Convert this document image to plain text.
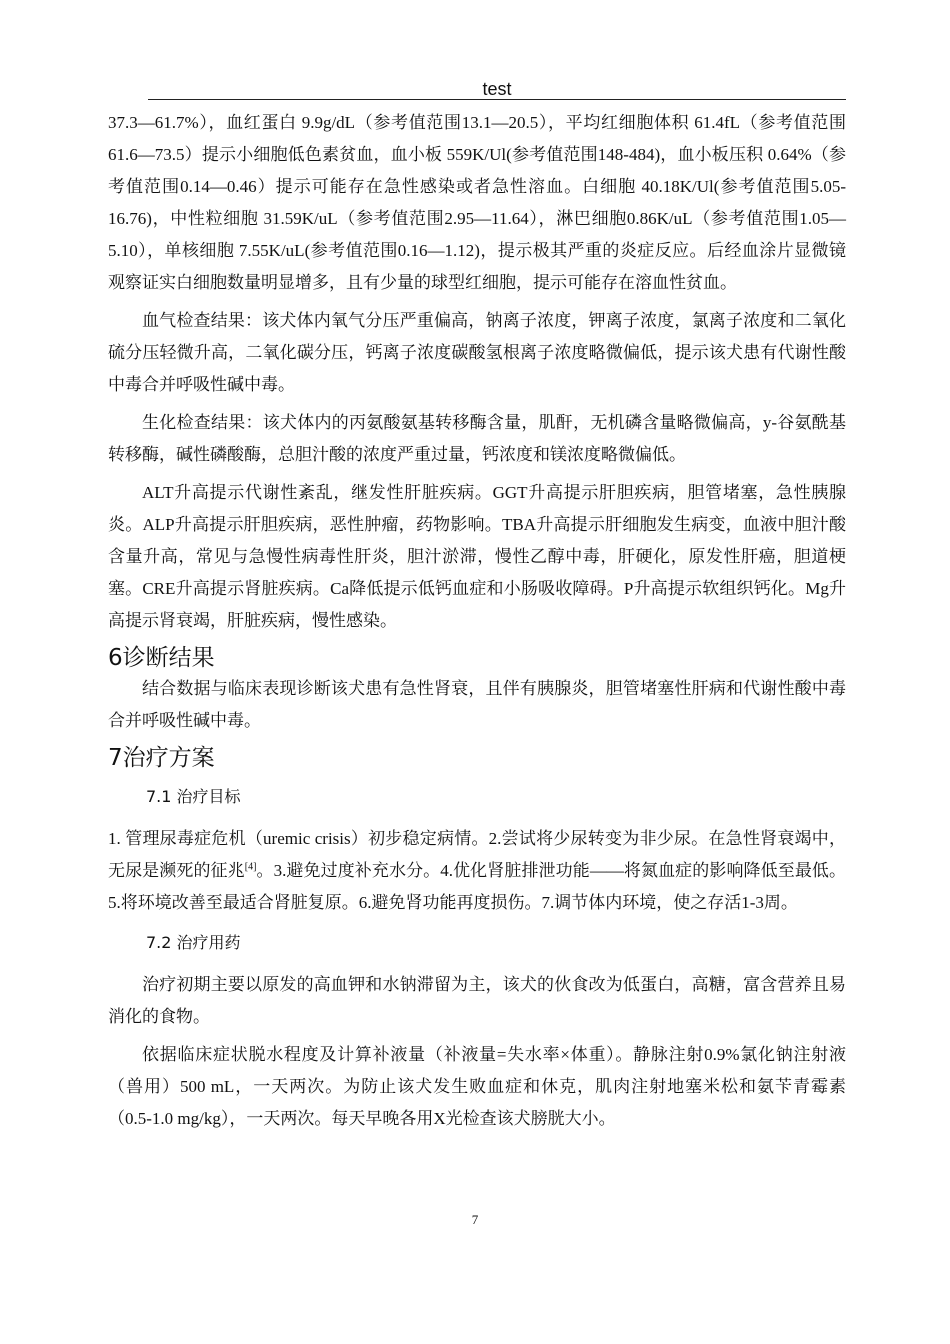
test

37.3—61.7%），血红蛋白 9.9g/dL（参考值范围13.1—20.5），平均红细胞体积 61.4fL（参考值范围61.6—73.5）提示小细胞低色素贫血，血小板 559K/Ul(参考值范围148-484)，血小板压积 0.64%（参考值范围0.14—0.46）提示可能存在急性感染或者急性溶血。白细胞 40.18K/Ul(参考值范围5.05-16.76)，中性粒细胞 31.59K/uL（参考值范围2.95—11.64），淋巴细胞0.86K/uL（参考值范围1.05—5.10），单核细胞 7.55K/uL(参考值范围0.16—1.12)，提示极其严重的炎症反应。后经血涂片显微镜观察证实白细胞数量明显增多，且有少量的球型红细胞，提示可能存在溶血性贫血。

血气检查结果：该犬体内氧气分压严重偏高，钠离子浓度，钾离子浓度，氯离子浓度和二氧化硫分压轻微升高，二氧化碳分压，钙离子浓度碳酸氢根离子浓度略微偏低，提示该犬患有代谢性酸中毒合并呼吸性碱中毒。

生化检查结果：该犬体内的丙氨酸氨基转移酶含量，肌酐，无机磷含量略微偏高，y-谷氨酰基转移酶，碱性磷酸酶，总胆汁酸的浓度严重过量，钙浓度和镁浓度略微偏低。

ALT升高提示代谢性紊乱，继发性肝脏疾病。GGT升高提示肝胆疾病，胆管堵塞，急性胰腺炎。ALP升高提示肝胆疾病，恶性肿瘤，药物影响。TBA升高提示肝细胞发生病变，血液中胆汁酸含量升高，常见与急慢性病毒性肝炎，胆汁淤滞，慢性乙醇中毒，肝硬化，原发性肝癌，胆道梗塞。CRE升高提示肾脏疾病。Ca降低提示低钙血症和小肠吸收障碍。P升高提示软组织钙化。Mg升高提示肾衰竭，肝脏疾病，慢性感染。

6诊断结果

结合数据与临床表现诊断该犬患有急性肾衰，且伴有胰腺炎，胆管堵塞性肝病和代谢性酸中毒合并呼吸性碱中毒。

7治疗方案
7.1 治疗目标

1. 管理尿毒症危机（uremic crisis）初步稳定病情。2.尝试将少尿转变为非少尿。在急性肾衰竭中，无尿是濒死的征兆[4]。3.避免过度补充水分。4.优化肾脏排泄功能——将氮血症的影响降低至最低。5.将环境改善至最适合肾脏复原。6.避免肾功能再度损伤。7.调节体内环境，使之存活1-3周。

7.2 治疗用药

治疗初期主要以原发的高血钾和水钠滞留为主，该犬的伙食改为低蛋白，高糖，富含营养且易消化的食物。

依据临床症状脱水程度及计算补液量（补液量=失水率×体重）。静脉注射0.9%氯化钠注射液（兽用）500 mL，一天两次。为防止该犬发生败血症和休克，肌肉注射地塞米松和氨苄青霉素（0.5-1.0 mg/kg），一天两次。每天早晚各用X光检查该犬膀胱大小。

7
